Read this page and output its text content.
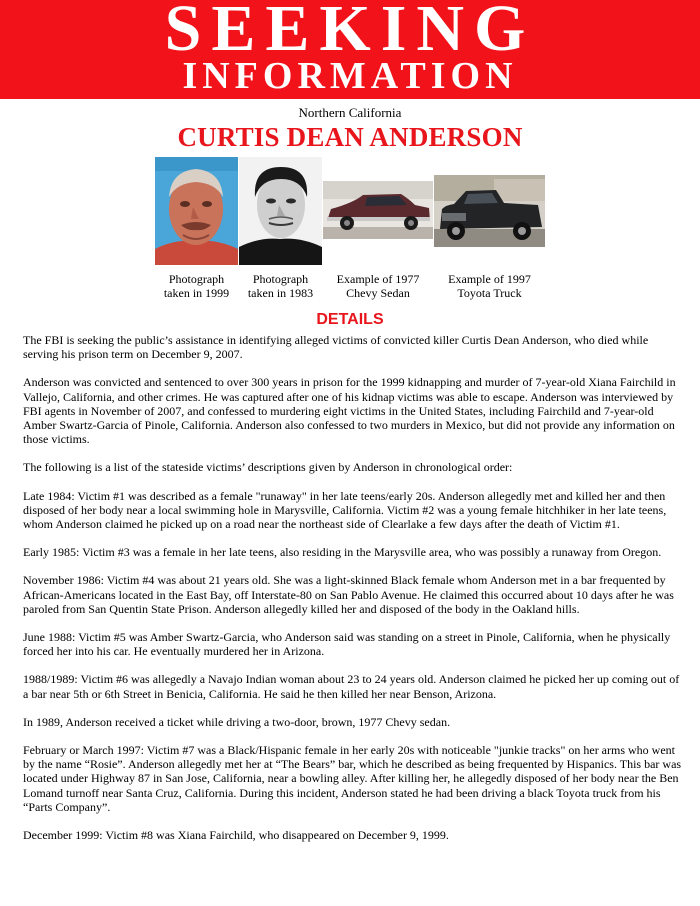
SEEKING
INFORMATION
Northern California
CURTIS DEAN ANDERSON
Photograph
taken in 1999
Photograph
taken in 1983
Example of 1977
Chevy Sedan
Example of 1997
Toyota Truck
DETAILS

The FBI is seeking the public’s assistance in identifying alleged victims of convicted killer Curtis Dean Anderson, who died while serving his prison term on December 9, 2007.

Anderson was convicted and sentenced to over 300 years in prison for the 1999 kidnapping and murder of 7-year-old Xiana Fairchild in Vallejo, California, and other crimes. He was captured after one of his kidnap victims was able to escape. Anderson was interviewed by FBI agents in November of 2007, and confessed to murdering eight victims in the United States, including Fairchild and 7-year-old Amber Swartz-Garcia of Pinole, California. Anderson also confessed to two murders in Mexico, but did not provide any information on those victims.

The following is a list of the stateside victims’ descriptions given by Anderson in chronological order:

Late 1984: Victim #1 was described as a female "runaway" in her late teens/early 20s. Anderson allegedly met and killed her and then disposed of her body near a local swimming hole in Marysville, California. Victim #2 was a young female hitchhiker in her late teens, whom Anderson claimed he picked up on a road near the northeast side of Clearlake a few days after the death of Victim #1.

Early 1985: Victim #3 was a female in her late teens, also residing in the Marysville area, who was possibly a runaway from Oregon.

November 1986: Victim #4 was about 21 years old. She was a light-skinned Black female whom Anderson met in a bar frequented by African-Americans located in the East Bay, off Interstate-80 on San Pablo Avenue. He claimed this occurred about 10 days after he was paroled from San Quentin State Prison. Anderson allegedly killed her and disposed of the body in the Oakland hills.

June 1988: Victim #5 was Amber Swartz-Garcia, who Anderson said was standing on a street in Pinole, California, when he physically forced her into his car. He eventually murdered her in Arizona.

1988/1989: Victim #6 was allegedly a Navajo Indian woman about 23 to 24 years old. Anderson claimed he picked her up coming out of a bar near 5th or 6th Street in Benicia, California. He said he then killed her near Benson, Arizona.

In 1989, Anderson received a ticket while driving a two-door, brown, 1977 Chevy sedan.

February or March 1997: Victim #7 was a Black/Hispanic female in her early 20s with noticeable "junkie tracks" on her arms who went by the name “Rosie”. Anderson allegedly met her at “The Bears” bar, which he described as being frequented by Hispanics. This bar was located under Highway 87 in San Jose, California, near a bowling alley. After killing her, he allegedly disposed of her body near the Ben Lomand turnoff near Santa Cruz, California. During this incident, Anderson stated he had been driving a black Toyota truck from his “Parts Company”.

December 1999: Victim #8 was Xiana Fairchild, who disappeared on December 9, 1999.
